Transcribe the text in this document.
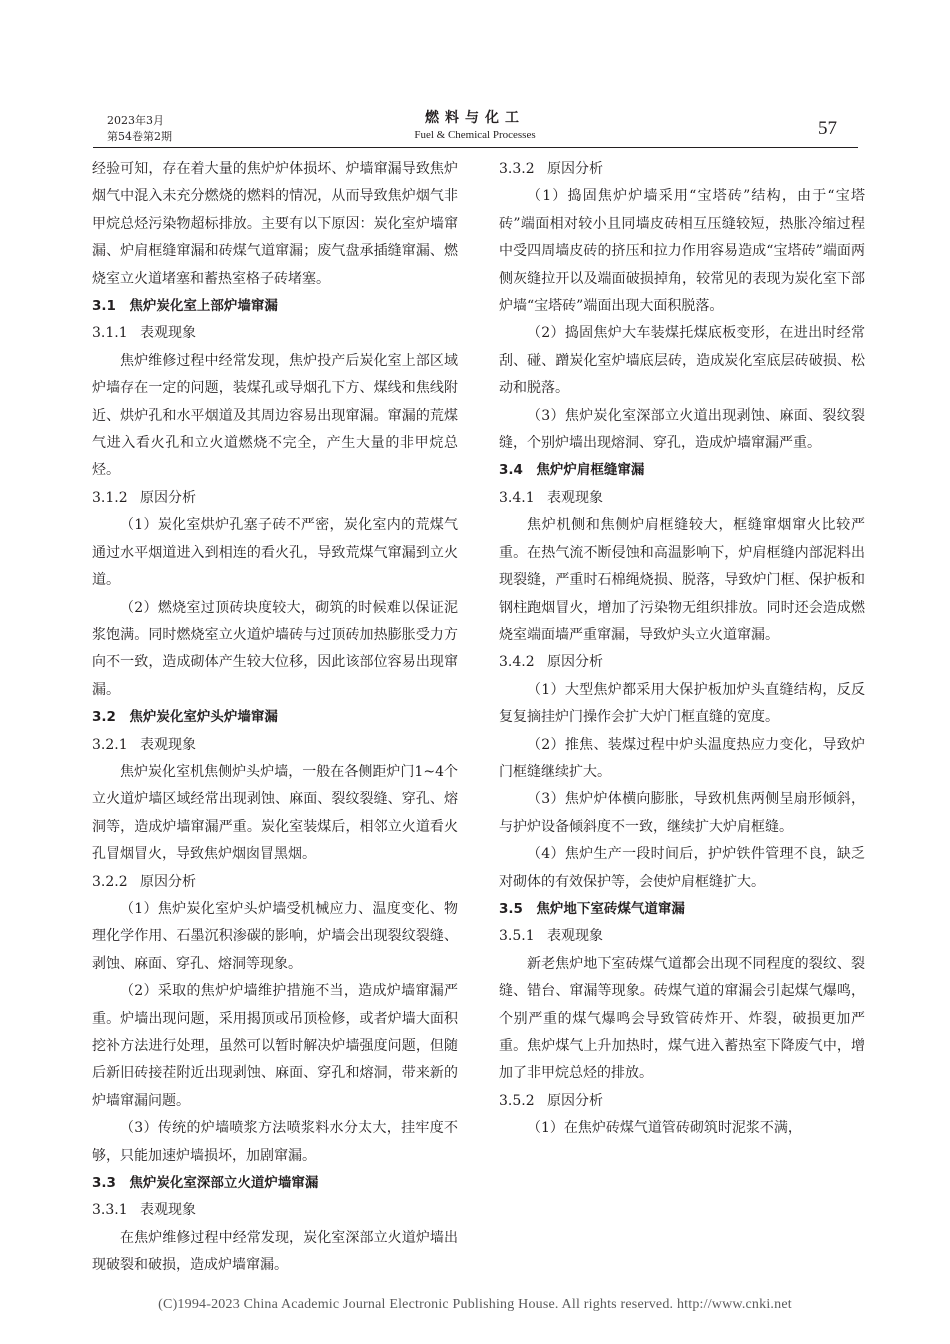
2023年3月
第54卷第2期
燃料与化工
Fuel & Chemical Processes	57

经验可知，存在着大量的焦炉炉体损坏、炉墙窜漏导致焦炉烟气中混入未充分燃烧的燃料的情况，从而导致焦炉烟气非甲烷总烃污染物超标排放。主要有以下原因：炭化室炉墙窜漏、炉肩框缝窜漏和砖煤气道窜漏；废气盘承插缝窜漏、燃烧室立火道堵塞和蓄热室格子砖堵塞。

3.1　焦炉炭化室上部炉墙窜漏
3.1.1 表观现象

焦炉维修过程中经常发现，焦炉投产后炭化室上部区域炉墙存在一定的问题，装煤孔或导烟孔下方、煤线和焦线附近、烘炉孔和水平烟道及其周边容易出现窜漏。窜漏的荒煤气进入看火孔和立火道燃烧不完全，产生大量的非甲烷总烃。

3.1.2 原因分析

（1）炭化室烘炉孔塞子砖不严密，炭化室内的荒煤气通过水平烟道进入到相连的看火孔，导致荒煤气窜漏到立火道。

（2）燃烧室过顶砖块度较大，砌筑的时候难以保证泥浆饱满。同时燃烧室立火道炉墙砖与过顶砖加热膨胀受力方向不一致，造成砌体产生较大位移，因此该部位容易出现窜漏。

3.2　焦炉炭化室炉头炉墙窜漏
3.2.1 表观现象

焦炉炭化室机焦侧炉头炉墙，一般在各侧距炉门1~4个立火道炉墙区域经常出现剥蚀、麻面、裂纹裂缝、穿孔、熔洞等，造成炉墙窜漏严重。炭化室装煤后，相邻立火道看火孔冒烟冒火，导致焦炉烟囱冒黑烟。

3.2.2 原因分析

（1）焦炉炭化室炉头炉墙受机械应力、温度变化、物理化学作用、石墨沉积渗碳的影响，炉墙会出现裂纹裂缝、剥蚀、麻面、穿孔、熔洞等现象。

（2）采取的焦炉炉墙维护措施不当，造成炉墙窜漏严重。炉墙出现问题，采用揭顶或吊顶检修，或者炉墙大面积挖补方法进行处理，虽然可以暂时解决炉墙强度问题，但随后新旧砖接茬附近出现剥蚀、麻面、穿孔和熔洞，带来新的炉墙窜漏问题。

（3）传统的炉墙喷浆方法喷浆料水分太大，挂牢度不够，只能加速炉墙损坏，加剧窜漏。

3.3　焦炉炭化室深部立火道炉墙窜漏
3.3.1 表观现象

在焦炉维修过程中经常发现，炭化室深部立火道炉墙出现破裂和破损，造成炉墙窜漏。

3.3.2 原因分析

（1）捣固焦炉炉墙采用“宝塔砖”结构，由于“宝塔砖”端面相对较小且同墙皮砖相互压缝较短，热胀冷缩过程中受四周墙皮砖的挤压和拉力作用容易造成“宝塔砖”端面两侧灰缝拉开以及端面破损掉角，较常见的表现为炭化室下部炉墙“宝塔砖”端面出现大面积脱落。

（2）捣固焦炉大车装煤托煤底板变形，在进出时经常刮、碰、蹭炭化室炉墙底层砖，造成炭化室底层砖破损、松动和脱落。

（3）焦炉炭化室深部立火道出现剥蚀、麻面、裂纹裂缝，个别炉墙出现熔洞、穿孔，造成炉墙窜漏严重。

3.4　焦炉炉肩框缝窜漏
3.4.1 表观现象

焦炉机侧和焦侧炉肩框缝较大，框缝窜烟窜火比较严重。在热气流不断侵蚀和高温影响下，炉肩框缝内部泥料出现裂缝，严重时石棉绳烧损、脱落，导致炉门框、保护板和钢柱跑烟冒火，增加了污染物无组织排放。同时还会造成燃烧室端面墙严重窜漏，导致炉头立火道窜漏。

3.4.2 原因分析

（1）大型焦炉都采用大保护板加炉头直缝结构，反反复复摘挂炉门操作会扩大炉门框直缝的宽度。

（2）推焦、装煤过程中炉头温度热应力变化，导致炉门框缝继续扩大。

（3）焦炉炉体横向膨胀，导致机焦两侧呈扇形倾斜，与护炉设备倾斜度不一致，继续扩大炉肩框缝。

（4）焦炉生产一段时间后，护炉铁件管理不良，缺乏对砌体的有效保护等，会使炉肩框缝扩大。

3.5　焦炉地下室砖煤气道窜漏
3.5.1 表观现象

新老焦炉地下室砖煤气道都会出现不同程度的裂纹、裂缝、错台、窜漏等现象。砖煤气道的窜漏会引起煤气爆鸣，个别严重的煤气爆鸣会导致管砖炸开、炸裂，破损更加严重。焦炉煤气上升加热时，煤气进入蓄热室下降废气中，增加了非甲烷总烃的排放。

3.5.2 原因分析

（1）在焦炉砖煤气道管砖砌筑时泥浆不满，

(C)1994-2023 China Academic Journal Electronic Publishing House. All rights reserved. http://www.cnki.net
